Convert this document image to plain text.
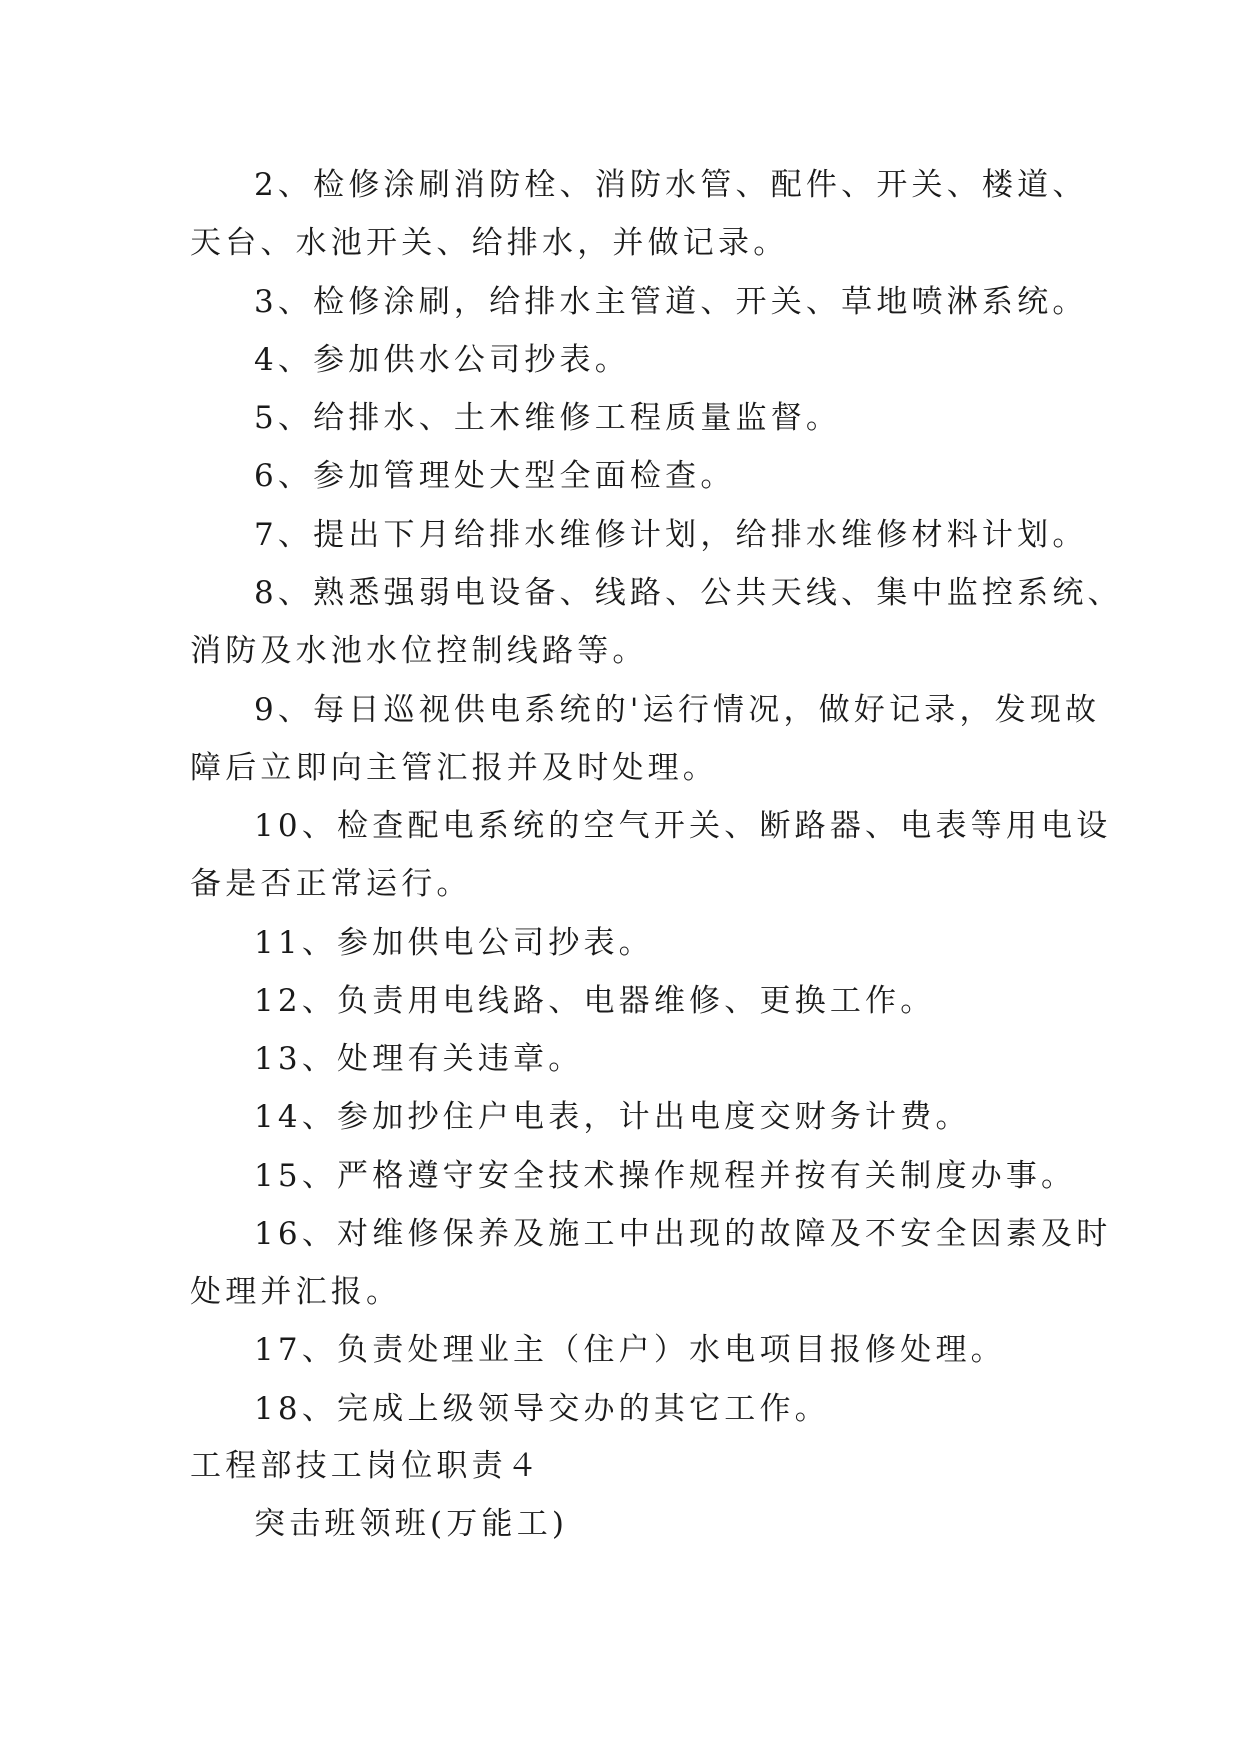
2、检修涂刷消防栓、消防水管、配件、开关、楼道、
天台、水池开关、给排水，并做记录。
3、检修涂刷，给排水主管道、开关、草地喷淋系统。
4、参加供水公司抄表。
5、给排水、土木维修工程质量监督。
6、参加管理处大型全面检查。
7、提出下月给排水维修计划，给排水维修材料计划。
8、熟悉强弱电设备、线路、公共天线、集中监控系统、
消防及水池水位控制线路等。
9、每日巡视供电系统的'运行情况，做好记录，发现故
障后立即向主管汇报并及时处理。
10、检查配电系统的空气开关、断路器、电表等用电设
备是否正常运行。
11、参加供电公司抄表。
12、负责用电线路、电器维修、更换工作。
13、处理有关违章。
14、参加抄住户电表，计出电度交财务计费。
15、严格遵守安全技术操作规程并按有关制度办事。
16、对维修保养及施工中出现的故障及不安全因素及时
处理并汇报。
17、负责处理业主（住户）水电项目报修处理。
18、完成上级领导交办的其它工作。
工程部技工岗位职责４
突击班领班(万能工)
